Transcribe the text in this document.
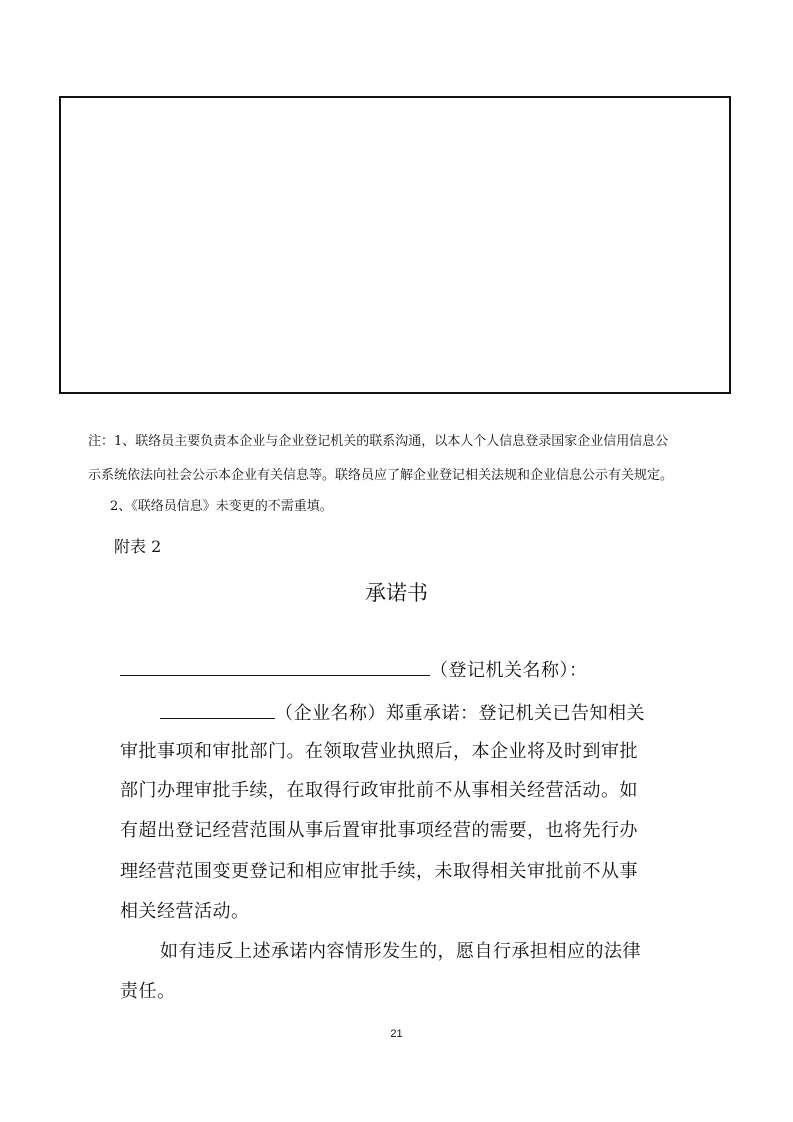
注：1、联络员主要负责本企业与企业登记机关的联系沟通，以本人个人信息登录国家企业信用信息公
示系统依法向社会公示本企业有关信息等。联络员应了解企业登记相关法规和企业信息公示有关规定。
2、《联络员信息》未变更的不需重填。
附表 2
承诺书
（登记机关名称）：
（企业名称）郑重承诺：登记机关已告知相关
审批事项和审批部门。在领取营业执照后，本企业将及时到审批
部门办理审批手续，在取得行政审批前不从事相关经营活动。如
有超出登记经营范围从事后置审批事项经营的需要，也将先行办
理经营范围变更登记和相应审批手续，未取得相关审批前不从事
相关经营活动。
如有违反上述承诺内容情形发生的，愿自行承担相应的法律
责任。
21
